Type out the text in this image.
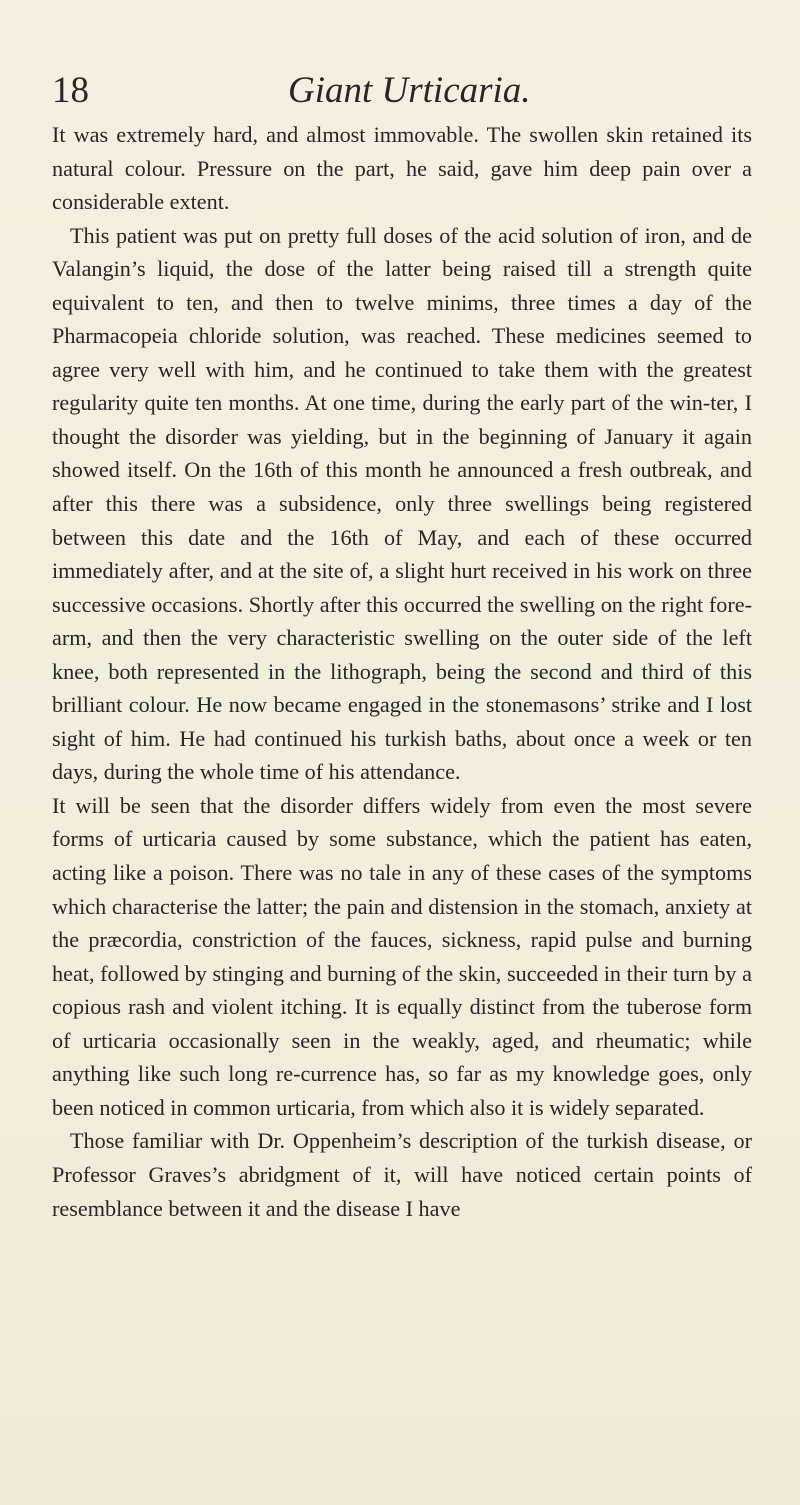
18	Giant Urticaria.

It was extremely hard, and almost immovable. The swollen skin retained its natural colour. Pressure on the part, he said, gave him deep pain over a considerable extent.

This patient was put on pretty full doses of the acid solution of iron, and de Valangin’s liquid, the dose of the latter being raised till a strength quite equivalent to ten, and then to twelve minims, three times a day of the Pharmacopeia chloride solution, was reached. These medicines seemed to agree very well with him, and he continued to take them with the greatest regularity quite ten months. At one time, during the early part of the win-ter, I thought the disorder was yielding, but in the beginning of January it again showed itself. On the 16th of this month he announced a fresh outbreak, and after this there was a subsidence, only three swellings being registered between this date and the 16th of May, and each of these occurred immediately after, and at the site of, a slight hurt received in his work on three successive occasions. Shortly after this occurred the swelling on the right fore-arm, and then the very characteristic swelling on the outer side of the left knee, both represented in the lithograph, being the second and third of this brilliant colour. He now became engaged in the stonemasons’ strike and I lost sight of him. He had continued his turkish baths, about once a week or ten days, during the whole time of his attendance.

It will be seen that the disorder differs widely from even the most severe forms of urticaria caused by some substance, which the patient has eaten, acting like a poison. There was no tale in any of these cases of the symptoms which characterise the latter; the pain and distension in the stomach, anxiety at the præcordia, constriction of the fauces, sickness, rapid pulse and burning heat, followed by stinging and burning of the skin, succeeded in their turn by a copious rash and violent itching. It is equally distinct from the tuberose form of urticaria occasionally seen in the weakly, aged, and rheumatic; while anything like such long re-currence has, so far as my knowledge goes, only been noticed in common urticaria, from which also it is widely separated.

Those familiar with Dr. Oppenheim’s description of the turkish disease, or Professor Graves’s abridgment of it, will have noticed certain points of resemblance between it and the disease I have
